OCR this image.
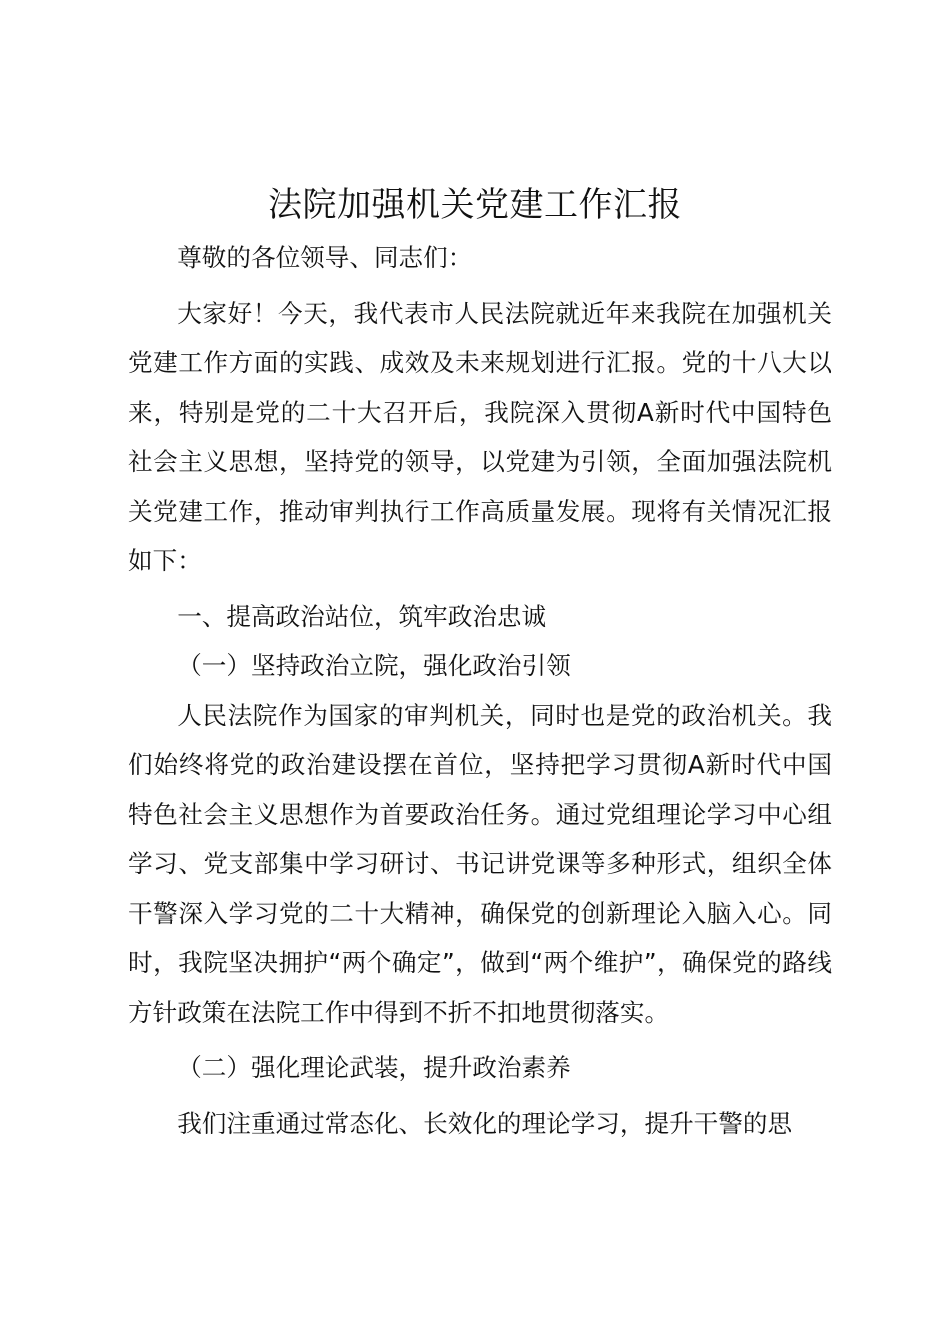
法院加强机关党建工作汇报

尊敬的各位领导、同志们：

大家好！今天，我代表市人民法院就近年来我院在加强机关党建工作方面的实践、成效及未来规划进行汇报。党的十八大以来，特别是党的二十大召开后，我院深入贯彻A新时代中国特色社会主义思想，坚持党的领导，以党建为引领，全面加强法院机关党建工作，推动审判执行工作高质量发展。现将有关情况汇报如下：

一、提高政治站位，筑牢政治忠诚

（一）坚持政治立院，强化政治引领

人民法院作为国家的审判机关，同时也是党的政治机关。我们始终将党的政治建设摆在首位，坚持把学习贯彻A新时代中国特色社会主义思想作为首要政治任务。通过党组理论学习中心组学习、党支部集中学习研讨、书记讲党课等多种形式，组织全体干警深入学习党的二十大精神，确保党的创新理论入脑入心。同时，我院坚决拥护“两个确定”，做到“两个维护”，确保党的路线方针政策在法院工作中得到不折不扣地贯彻落实。

（二）强化理论武装，提升政治素养

我们注重通过常态化、长效化的理论学习，提升干警的思
